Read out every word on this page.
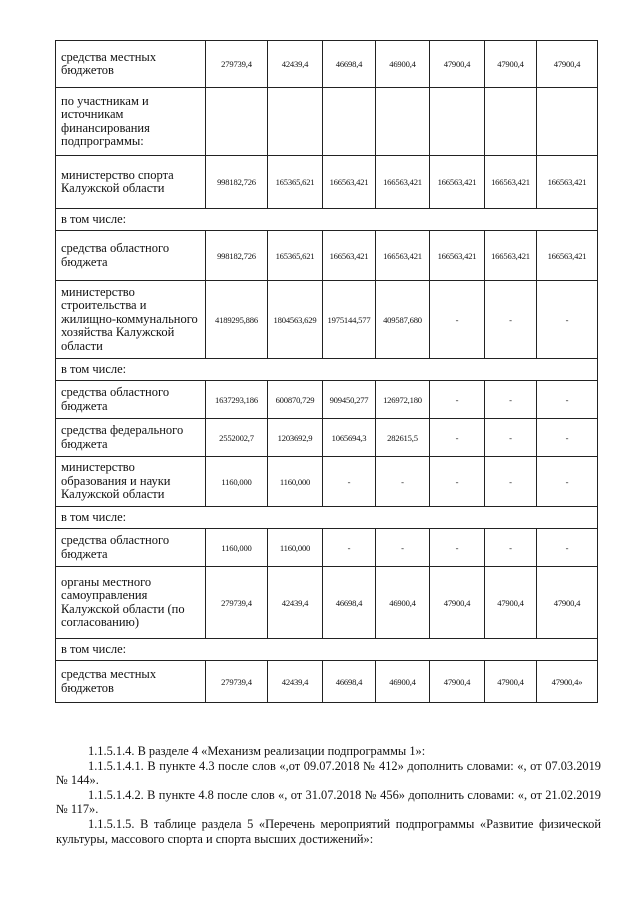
средства местных бюджетов	279739,4	42439,4	46698,4	46900,4	47900,4	47900,4	47900,4
по участникам и источникам финансирования подпрограммы:							
министерство спорта Калужской области	998182,726	165365,621	166563,421	166563,421	166563,421	166563,421	166563,421
в том числе:							
средства областного бюджета	998182,726	165365,621	166563,421	166563,421	166563,421	166563,421	166563,421
министерство строительства и жилищно-коммунального хозяйства Калужской области	4189295,886	1804563,629	1975144,577	409587,680	-	-	-
в том числе:							
средства областного бюджета	1637293,186	600870,729	909450,277	126972,180	-	-	-
средства федерального бюджета	2552002,7	1203692,9	1065694,3	282615,5	-	-	-
министерство образования и науки Калужской области	1160,000	1160,000	-	-	-	-	-
в том числе:							
средства областного бюджета	1160,000	1160,000	-	-	-	-	-
органы местного самоуправления Калужской области (по согласованию)	279739,4	42439,4	46698,4	46900,4	47900,4	47900,4	47900,4
в том числе:							
средства местных бюджетов	279739,4	42439,4	46698,4	46900,4	47900,4	47900,4	47900,4»

1.1.5.1.4. В разделе 4 «Механизм реализации подпрограммы 1»:

1.1.5.1.4.1. В пункте 4.3 после слов «,от 09.07.2018 № 412» дополнить словами: «, от 07.03.2019 № 144».

1.1.5.1.4.2. В пункте 4.8 после слов «, от 31.07.2018 № 456» дополнить словами: «, от 21.02.2019 № 117».

1.1.5.1.5. В таблице раздела 5 «Перечень мероприятий подпрограммы «Развитие физической культуры, массового спорта и спорта высших достижений»:
